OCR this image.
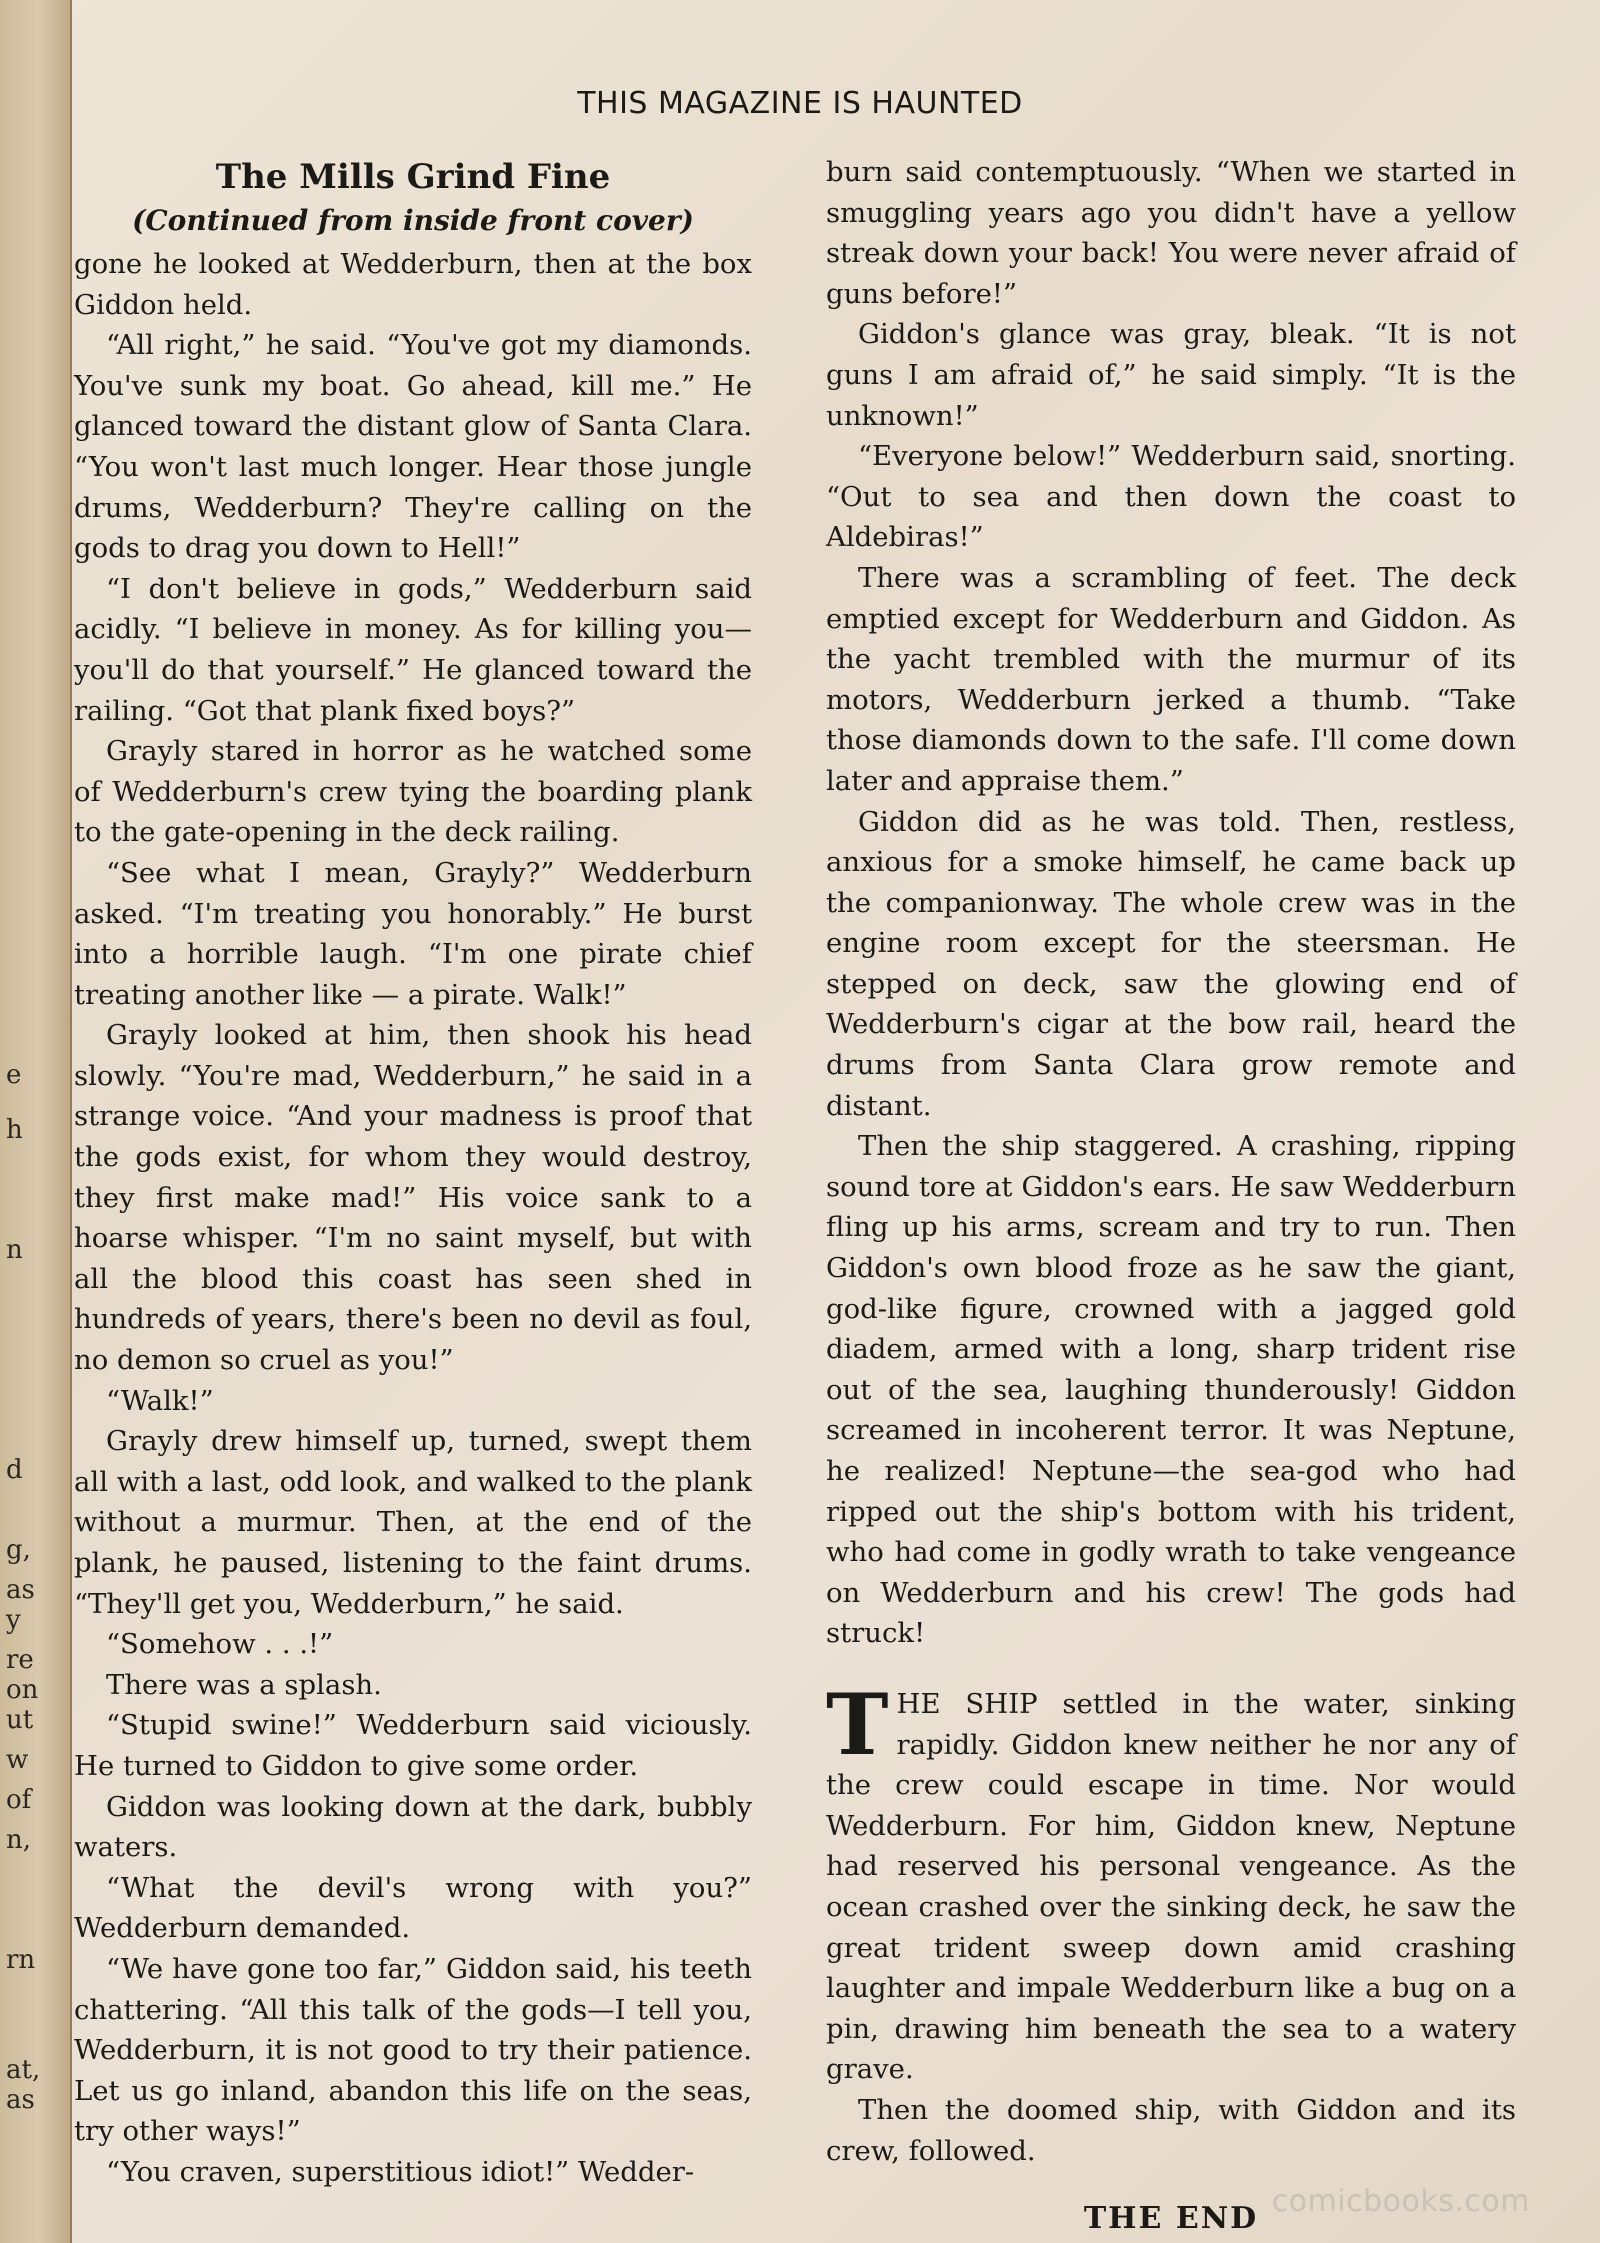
e
h
n
d
g,
as
y
re
on
ut
w
of
n,
rn
at,
as
THIS MAGAZINE IS HAUNTED
The Mills Grind Fine
(Continued from inside front cover)

gone he looked at Wedderburn, then at the box Giddon held.

“All right,” he said. “You've got my diamonds. You've sunk my boat. Go ahead, kill me.” He glanced toward the distant glow of Santa Clara. “You won't last much longer. Hear those jungle drums, Wedderburn? They're calling on the gods to drag you down to Hell!”

“I don't believe in gods,” Wedderburn said acidly. “I believe in money. As for killing you—you'll do that yourself.” He glanced toward the railing. “Got that plank fixed boys?”

Grayly stared in horror as he watched some of Wedderburn's crew tying the boarding plank to the gate-opening in the deck railing.

“See what I mean, Grayly?” Wedderburn asked. “I'm treating you honorably.” He burst into a horrible laugh. “I'm one pirate chief treating another like — a pirate. Walk!”

Grayly looked at him, then shook his head slowly. “You're mad, Wedderburn,” he said in a strange voice. “And your madness is proof that the gods exist, for whom they would destroy, they first make mad!” His voice sank to a hoarse whisper. “I'm no saint myself, but with all the blood this coast has seen shed in hundreds of years, there's been no devil as foul, no demon so cruel as you!”

“Walk!”

Grayly drew himself up, turned, swept them all with a last, odd look, and walked to the plank without a murmur. Then, at the end of the plank, he paused, listening to the faint drums. “They'll get you, Wedderburn,” he said.

“Somehow . . .!”

There was a splash.

“Stupid swine!” Wedderburn said viciously. He turned to Giddon to give some order.

Giddon was looking down at the dark, bubbly waters.

“What the devil's wrong with you?” Wedderburn demanded.

“We have gone too far,” Giddon said, his teeth chattering. “All this talk of the gods—I tell you, Wedderburn, it is not good to try their patience. Let us go inland, abandon this life on the seas, try other ways!”

“You craven, superstitious idiot!” Wedder-

burn said contemptuously. “When we started in smuggling years ago you didn't have a yellow streak down your back! You were never afraid of guns before!”

Giddon's glance was gray, bleak. “It is not guns I am afraid of,” he said simply. “It is the unknown!”

“Everyone below!” Wedderburn said, snorting. “Out to sea and then down the coast to Aldebiras!”

There was a scrambling of feet. The deck emptied except for Wedderburn and Giddon. As the yacht trembled with the murmur of its motors, Wedderburn jerked a thumb. “Take those diamonds down to the safe. I'll come down later and appraise them.”

Giddon did as he was told. Then, restless, anxious for a smoke himself, he came back up the companionway. The whole crew was in the engine room except for the steersman. He stepped on deck, saw the glowing end of Wedderburn's cigar at the bow rail, heard the drums from Santa Clara grow remote and distant.

Then the ship staggered. A crashing, ripping sound tore at Giddon's ears. He saw Wedderburn fling up his arms, scream and try to run. Then Giddon's own blood froze as he saw the giant, god-like figure, crowned with a jagged gold diadem, armed with a long, sharp trident rise out of the sea, laughing thunderously! Giddon screamed in incoherent terror. It was Neptune, he realized! Neptune—the sea-god who had ripped out the ship's bottom with his trident, who had come in godly wrath to take vengeance on Wedderburn and his crew! The gods had struck!

THE SHIP settled in the water, sinking rapidly. Giddon knew neither he nor any of the crew could escape in time. Nor would Wedderburn. For him, Giddon knew, Neptune had reserved his personal vengeance. As the ocean crashed over the sinking deck, he saw the great trident sweep down amid crashing laughter and impale Wedderburn like a bug on a pin, drawing him beneath the sea to a watery grave.

Then the doomed ship, with Giddon and its crew, followed.

THE END comicbooks.com
